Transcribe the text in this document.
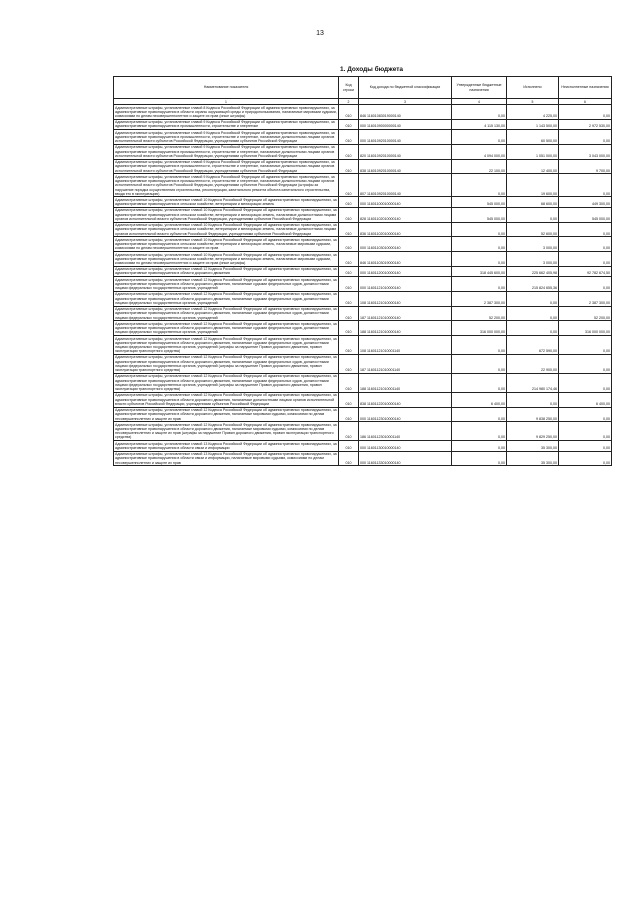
13
1. Доходы бюджета
Наименование показателя	Код строки	Код дохода по бюджетной классификации	Утвержденные бюджетные назначения	Исполнено	Неисполненные назначения
1	2	3	4	5	6
Административные штрафы, установленные главой 8 Кодекса Российской Федерации об административных правонарушениях, за административные правонарушения в области охраны окружающей среды и природопользования, налагаемые мировыми судьями, комиссиями по делам несовершеннолетних и защите их прав (иные штрафы)	010	846 11601083019000140	0,00	4 225,00	0,00
Административные штрафы, установленные главой 9 Кодекса Российской Федерации об административных правонарушениях, за административные правонарушения в промышленности, строительстве и энергетике	010	000 11601090000000140	4 115 130,00	1 143 500,00	2 972 530,00
Административные штрафы, установленные главой 9 Кодекса Российской Федерации об административных правонарушениях, за административные правонарушения в промышленности, строительстве и энергетике, налагаемые должностными лицами органов исполнительной власти субъектов Российской Федерации, учреждениями субъектов Российской Федерации	010	000 11601092010000140	0,00	60 500,00	0,00
Административные штрафы, установленные главой 9 Кодекса Российской Федерации об административных правонарушениях, за административные правонарушения в промышленности, строительстве и энергетике, налагаемые должностными лицами органов исполнительной власти субъектов Российской Федерации, учреждениями субъектов Российской Федерации	010	820 11601092010000140	4 094 000,00	1 051 000,00	3 043 000,00
Административные штрафы, установленные главой 9 Кодекса Российской Федерации об административных правонарушениях, за административные правонарушения в промышленности, строительстве и энергетике, налагаемые должностными лицами органов исполнительной власти субъектов Российской Федерации, учреждениями субъектов Российской Федерации	010	838 11601092010000140	22 100,00	12 400,00	9 700,00
Административные штрафы, установленные главой 9 Кодекса Российской Федерации об административных правонарушениях, за административные правонарушения в промышленности, строительстве и энергетике, налагаемые должностными лицами органов исполнительной власти субъектов Российской Федерации, учреждениями субъектов Российской Федерации (штрафы за нарушение порядка осуществления строительства, реконструкции, капитального ремонта объекта капитального строительства, ввода его в эксплуатацию)	010	807 11601092010000140	0,00	19 600,00	0,00
Административные штрафы, установленные главой 10 Кодекса Российской Федерации об административных правонарушениях, за административные правонарушения в сельском хозяйстве, ветеринарии и мелиорации земель	010	000 11601100010000140	545 000,00	68 600,00	449 300,00
Административные штрафы, установленные главой 10 Кодекса Российской Федерации об административных правонарушениях, за административные правонарушения в сельском хозяйстве, ветеринарии и мелиорации земель, налагаемые должностными лицами органов исполнительной власти субъектов Российской Федерации, учреждениями субъектов Российской Федерации	010	828 11601102010000140	545 000,00	0,00	545 000,00
Административные штрафы, установленные главой 10 Кодекса Российской Федерации об административных правонарушениях, за административные правонарушения в сельском хозяйстве, ветеринарии и мелиорации земель, налагаемые должностными лицами органов исполнительной власти субъектов Российской Федерации, учреждениями субъектов Российской Федерации	010	836 11601102010000140	0,00	52 600,00	0,00
Административные штрафы, установленные главой 10 Кодекса Российской Федерации об административных правонарушениях, за административные правонарушения в сельском хозяйстве, ветеринарии и мелиорации земель, налагаемые мировыми судьями, комиссиями по делам несовершеннолетних и защите их прав	010	000 11601103010000140	0,00	3 000,00	0,00
Административные штрафы, установленные главой 10 Кодекса Российской Федерации об административных правонарушениях, за административные правонарушения в сельском хозяйстве, ветеринарии и мелиорации земель, налагаемые мировыми судьями, комиссиями по делам несовершеннолетних и защите их прав (иные штрафы)	010	846 11601103019000140	0,00	3 000,00	0,00
Административные штрафы, установленные главой 12 Кодекса Российской Федерации об административных правонарушениях, за административные правонарушения в области дорожного движения	010	000 11601120010000140	318 445 600,00	225 662 405,98	92 782 674,50
Административные штрафы, установленные главой 12 Кодекса Российской Федерации об административных правонарушениях, за административные правонарушения в области дорожного движения, налагаемые судьями федеральных судов, должностными лицами федеральных государственных органов, учреждений	010	000 11601121010000140	0,00	215 824 655,36	0,00
Административные штрафы, установленные главой 12 Кодекса Российской Федерации об административных правонарушениях, за административные правонарушения в области дорожного движения, налагаемые судьями федеральных судов, должностными лицами федеральных государственных органов, учреждений	010	108 11601121010000140	2 387 300,00	0,00	2 387 300,00
Административные штрафы, установленные главой 12 Кодекса Российской Федерации об административных правонарушениях, за административные правонарушения в области дорожного движения, налагаемые судьями федеральных судов, должностными лицами федеральных государственных органов, учреждений	010	187 11601121010000140	52 200,00	0,00	52 200,00
Административные штрафы, установленные главой 12 Кодекса Российской Федерации об административных правонарушениях, за административные правонарушения в области дорожного движения, налагаемые судьями федеральных судов, должностными лицами федеральных государственных органов, учреждений	010	188 11601121010000140	316 000 000,00	0,00	316 000 000,00
Административные штрафы, установленные главой 12 Кодекса Российской Федерации об административных правонарушениях, за административные правонарушения в области дорожного движения, налагаемые судьями федеральных судов, должностными лицами федеральных государственных органов, учреждений (штрафы за нарушение Правил дорожного движения, правил эксплуатации транспортного средства)	010	108 11601121010001140	0,00	672 590,00	0,00
Административные штрафы, установленные главой 12 Кодекса Российской Федерации об административных правонарушениях, за административные правонарушения в области дорожного движения, налагаемые судьями федеральных судов, должностными лицами федеральных государственных органов, учреждений (штрафы за нарушение Правил дорожного движения, правил эксплуатации транспортного средства)	010	187 11601121010001140	0,00	22 900,00	0,00
Административные штрафы, установленные главой 12 Кодекса Российской Федерации об административных правонарушениях, за административные правонарушения в области дорожного движения, налагаемые судьями федеральных судов, должностными лицами федеральных государственных органов, учреждений (штрафы за нарушение Правил дорожного движения, правил эксплуатации транспортного средства)	010	188 11601121010001140	0,00	214 980 174,46	0,00
Административные штрафы, установленные главой 12 Кодекса Российской Федерации об административных правонарушениях, за административные правонарушения в области дорожного движения, налагаемые должностными лицами органов исполнительной власти субъектов Российской Федерации, учреждениями субъектов Российской Федерации	010	838 11601122010000140	6 400,00	0,00	6 400,00
Административные штрафы, установленные главой 12 Кодекса Российской Федерации об административных правонарушениях, за административные правонарушения в области дорожного движения, налагаемые мировыми судьями, комиссиями по делам несовершеннолетних и защите их прав	010	000 11601123010000140	0,00	9 838 250,00	0,00
Административные штрафы, установленные главой 12 Кодекса Российской Федерации об административных правонарушениях, за административные правонарушения в области дорожного движения, налагаемые мировыми судьями, комиссиями по делам несовершеннолетних и защите их прав (штрафы за нарушение Правил дорожного движения, правил эксплуатации транспортного средства)	010	186 11601123010001140	0,00	9 829 250,00	0,00
Административные штрафы, установленные главой 13 Кодекса Российской Федерации об административных правонарушениях, за административные правонарушения в области связи и информации	010	000 11601130010000140	0,00	35 300,00	0,00
Административные штрафы, установленные главой 13 Кодекса Российской Федерации об административных правонарушениях, за административные правонарушения в области связи и информации, налагаемые мировыми судьями, комиссиями по делам несовершеннолетних и защите их прав	010	000 11601133010000140	0,00	35 300,00	0,00
